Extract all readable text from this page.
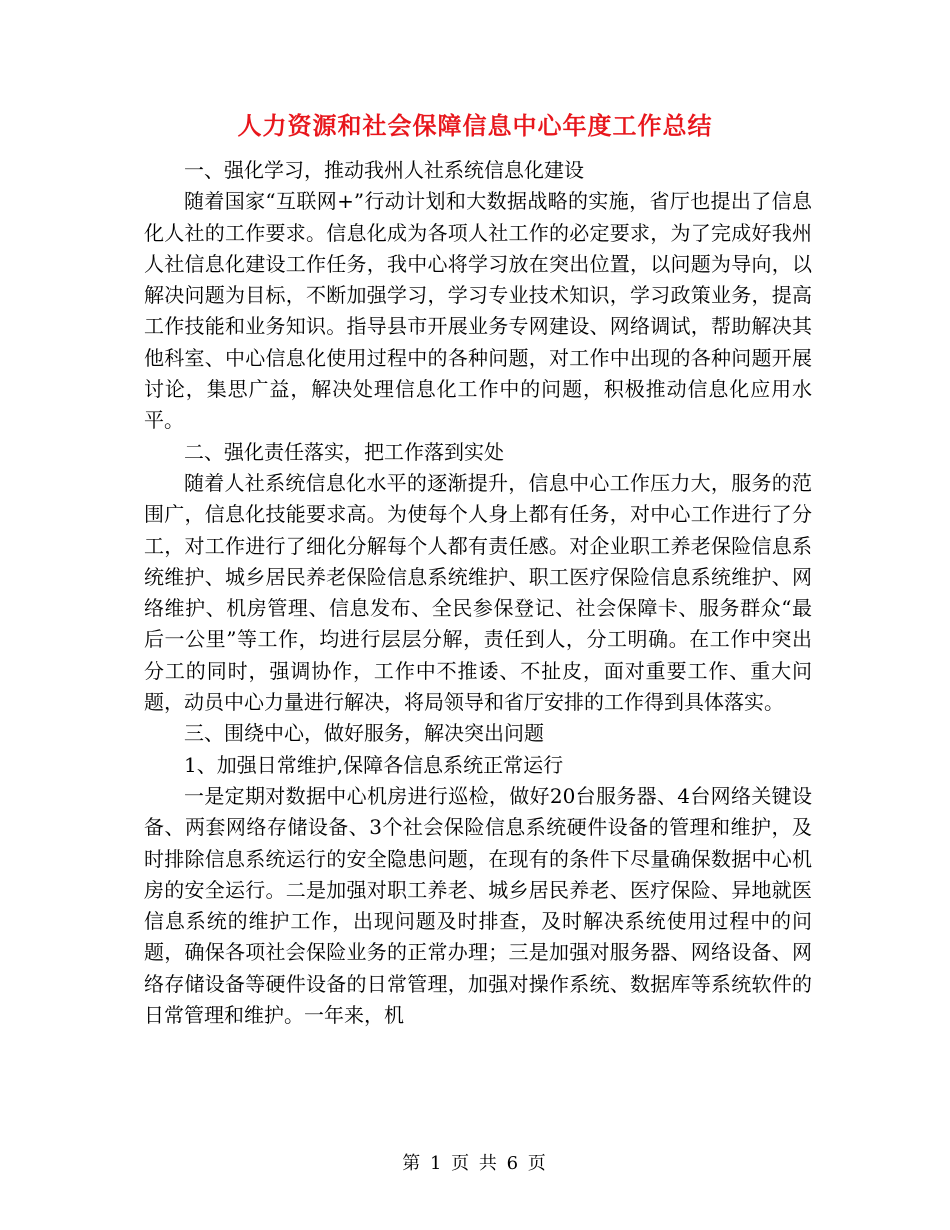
人力资源和社会保障信息中心年度工作总结

一、强化学习，推动我州人社系统信息化建设

随着国家“互联网+”行动计划和大数据战略的实施，省厅也提出了信息化人社的工作要求。信息化成为各项人社工作的必定要求，为了完成好我州人社信息化建设工作任务，我中心将学习放在突出位置，以问题为导向，以解决问题为目标，不断加强学习，学习专业技术知识，学习政策业务，提高工作技能和业务知识。指导县市开展业务专网建设、网络调试，帮助解决其他科室、中心信息化使用过程中的各种问题，对工作中出现的各种问题开展讨论，集思广益，解决处理信息化工作中的问题，积极推动信息化应用水平。

二、强化责任落实，把工作落到实处

随着人社系统信息化水平的逐渐提升，信息中心工作压力大，服务的范围广，信息化技能要求高。为使每个人身上都有任务，对中心工作进行了分工，对工作进行了细化分解每个人都有责任感。对企业职工养老保险信息系统维护、城乡居民养老保险信息系统维护、职工医疗保险信息系统维护、网络维护、机房管理、信息发布、全民参保登记、社会保障卡、服务群众“最后一公里”等工作，均进行层层分解，责任到人，分工明确。在工作中突出分工的同时，强调协作，工作中不推诿、不扯皮，面对重要工作、重大问题，动员中心力量进行解决，将局领导和省厅安排的工作得到具体落实。

三、围绕中心，做好服务，解决突出问题

1、加强日常维护,保障各信息系统正常运行

一是定期对数据中心机房进行巡检，做好20台服务器、4台网络关键设备、两套网络存储设备、3个社会保险信息系统硬件设备的管理和维护，及时排除信息系统运行的安全隐患问题，在现有的条件下尽量确保数据中心机房的安全运行。二是加强对职工养老、城乡居民养老、医疗保险、异地就医信息系统的维护工作，出现问题及时排查，及时解决系统使用过程中的问题，确保各项社会保险业务的正常办理；三是加强对服务器、网络设备、网络存储设备等硬件设备的日常管理，加强对操作系统、数据库等系统软件的日常管理和维护。一年来，机

第 1 页 共 6 页
